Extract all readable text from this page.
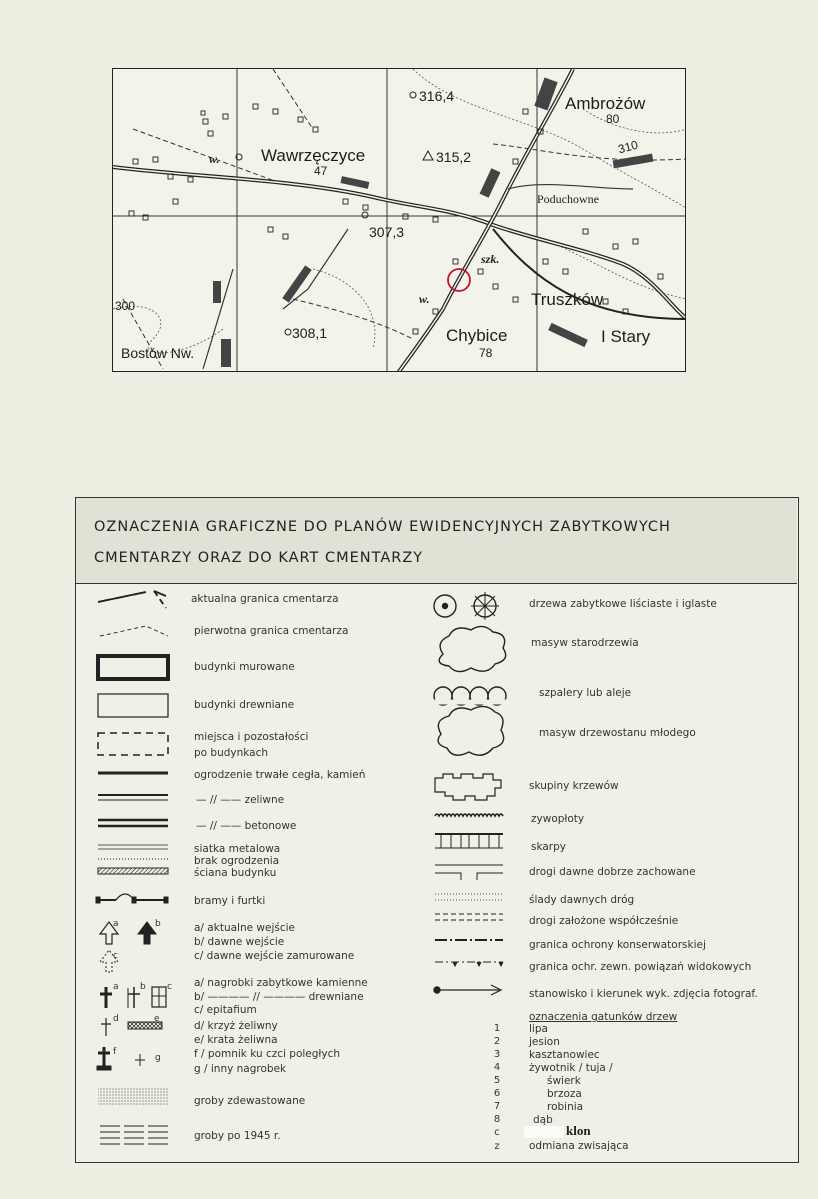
Ambrożów
80
310
Wawrzęczyce
47
w.
316,4
315,2
Poduchowne
307,3
szk.
w.	Truszków
300
308,1	Chybice
78
I Stary
Bostów Nw.
OZNACZENIA GRAFICZNE DO PLANÓW EWIDENCYJNYCH ZABYTKOWYCH
CMENTARZY ORAZ DO KART CMENTARZY
a	b
c
a b c
d	e
f
g
aktualna granica cmentarza
pierwotna granica cmentarza
budynki murowane
budynki drewniane
miejsca i pozostałości
po budynkach
ogrodzenie trwałe cegła, kamień
— // —— zeliwne
— // —— betonowe
siatka metalowa
brak ogrodzenia
ściana budynku
bramy i furtki
a/ aktualne wejście
b/ dawne wejście
c/ dawne wejście zamurowane
a/ nagrobki zabytkowe kamienne
b/ ———— // ———— drewniane
c/ epitafium
d/ krzyż żeliwny
e/ krata żeliwna
f / pomnik ku czci poległych
g / inny nagrobek
groby zdewastowane
groby po 1945 r.
drzewa zabytkowe liściaste i iglaste
masyw starodrzewia
szpalery lub aleje
masyw drzewostanu młodego
skupiny krzewów
zywopłoty
skarpy
drogi dawne dobrze zachowane
ślady dawnych dróg
drogi założone współcześnie
granica ochrony konserwatorskiej
granica ochr. zewn. powiązań widokowych
stanowisko i kierunek wyk. zdjęcia fotograf.
oznaczenia gatunków drzew
1	lipa
2	jesion
3	kasztanowiec
4	żywotnik / tuja /
5	świerk
6	brzoza
7	robinia
8	dąb
c	klon
z	odmiana zwisająca
